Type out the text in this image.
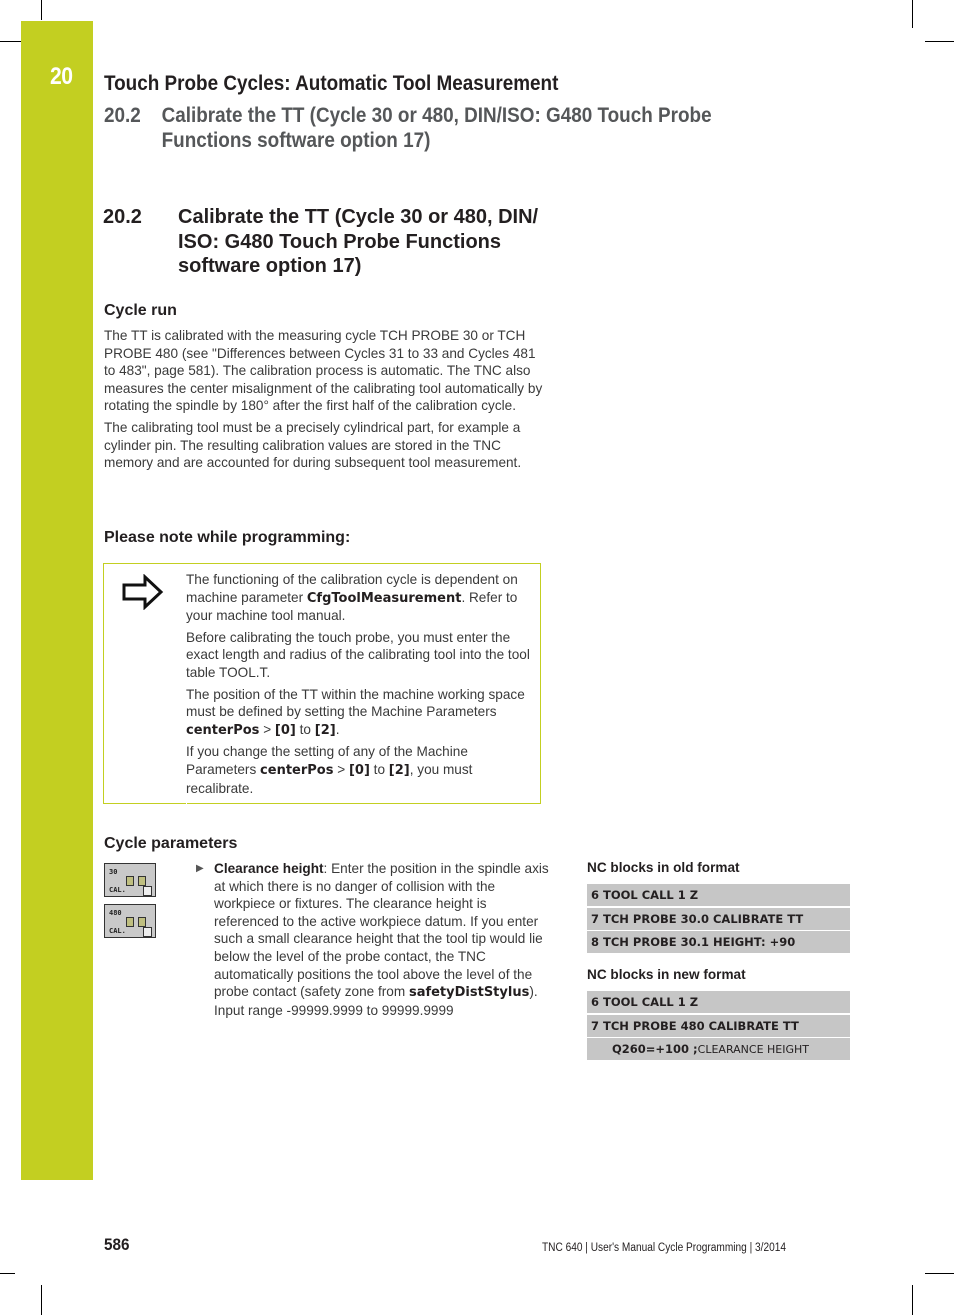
20 Touch Probe Cycles: Automatic Tool Measurement
20.2 Calibrate the TT (Cycle 30 or 480, DIN/ISO: G480 Touch Probe
Functions software option 17)
20.2 Calibrate the TT (Cycle 30 or 480, DIN/
ISO: G480 Touch Probe Functions
software option 17)
Cycle run

The TT is calibrated with the measuring cycle TCH PROBE 30 or TCH PROBE 480 (see "Differences between Cycles 31 to 33 and Cycles 481 to 483", page 581). The calibration process is automatic. The TNC also measures the center misalignment of the calibrating tool automatically by rotating the spindle by 180° after the first half of the calibration cycle.

The calibrating tool must be a precisely cylindrical part, for example a cylinder pin. The resulting calibration values are stored in the TNC memory and are accounted for during subsequent tool measurement.

Please note while programming:

The functioning of the calibration cycle is dependent on machine parameter CfgToolMeasurement. Refer to your machine tool manual.

Before calibrating the touch probe, you must enter the exact length and radius of the calibrating tool into the tool table TOOL.T.

The position of the TT within the machine working space must be defined by setting the Machine Parameters centerPos > [0] to [2].

If you change the setting of any of the Machine Parameters centerPos > [0] to [2], you must recalibrate.

Cycle parameters
30
CAL.
480
CAL.
▶ Clearance height: Enter the position in the spindle axis at which there is no danger of collision with the workpiece or fixtures. The clearance height is referenced to the active workpiece datum. If you enter such a small clearance height that the tool tip would lie below the level of the probe contact, the TNC automatically positions the tool above the level of the probe contact (safety zone from safetyDistStylus). Input range -99999.9999 to 99999.9999
NC blocks in old format
6 TOOL CALL 1 Z
7 TCH PROBE 30.0 CALIBRATE TT
8 TCH PROBE 30.1 HEIGHT: +90
NC blocks in new format
6 TOOL CALL 1 Z
7 TCH PROBE 480 CALIBRATE TT
Q260=+100 ;CLEARANCE HEIGHT
586	TNC 640 | User's Manual Cycle Programming | 3/2014
